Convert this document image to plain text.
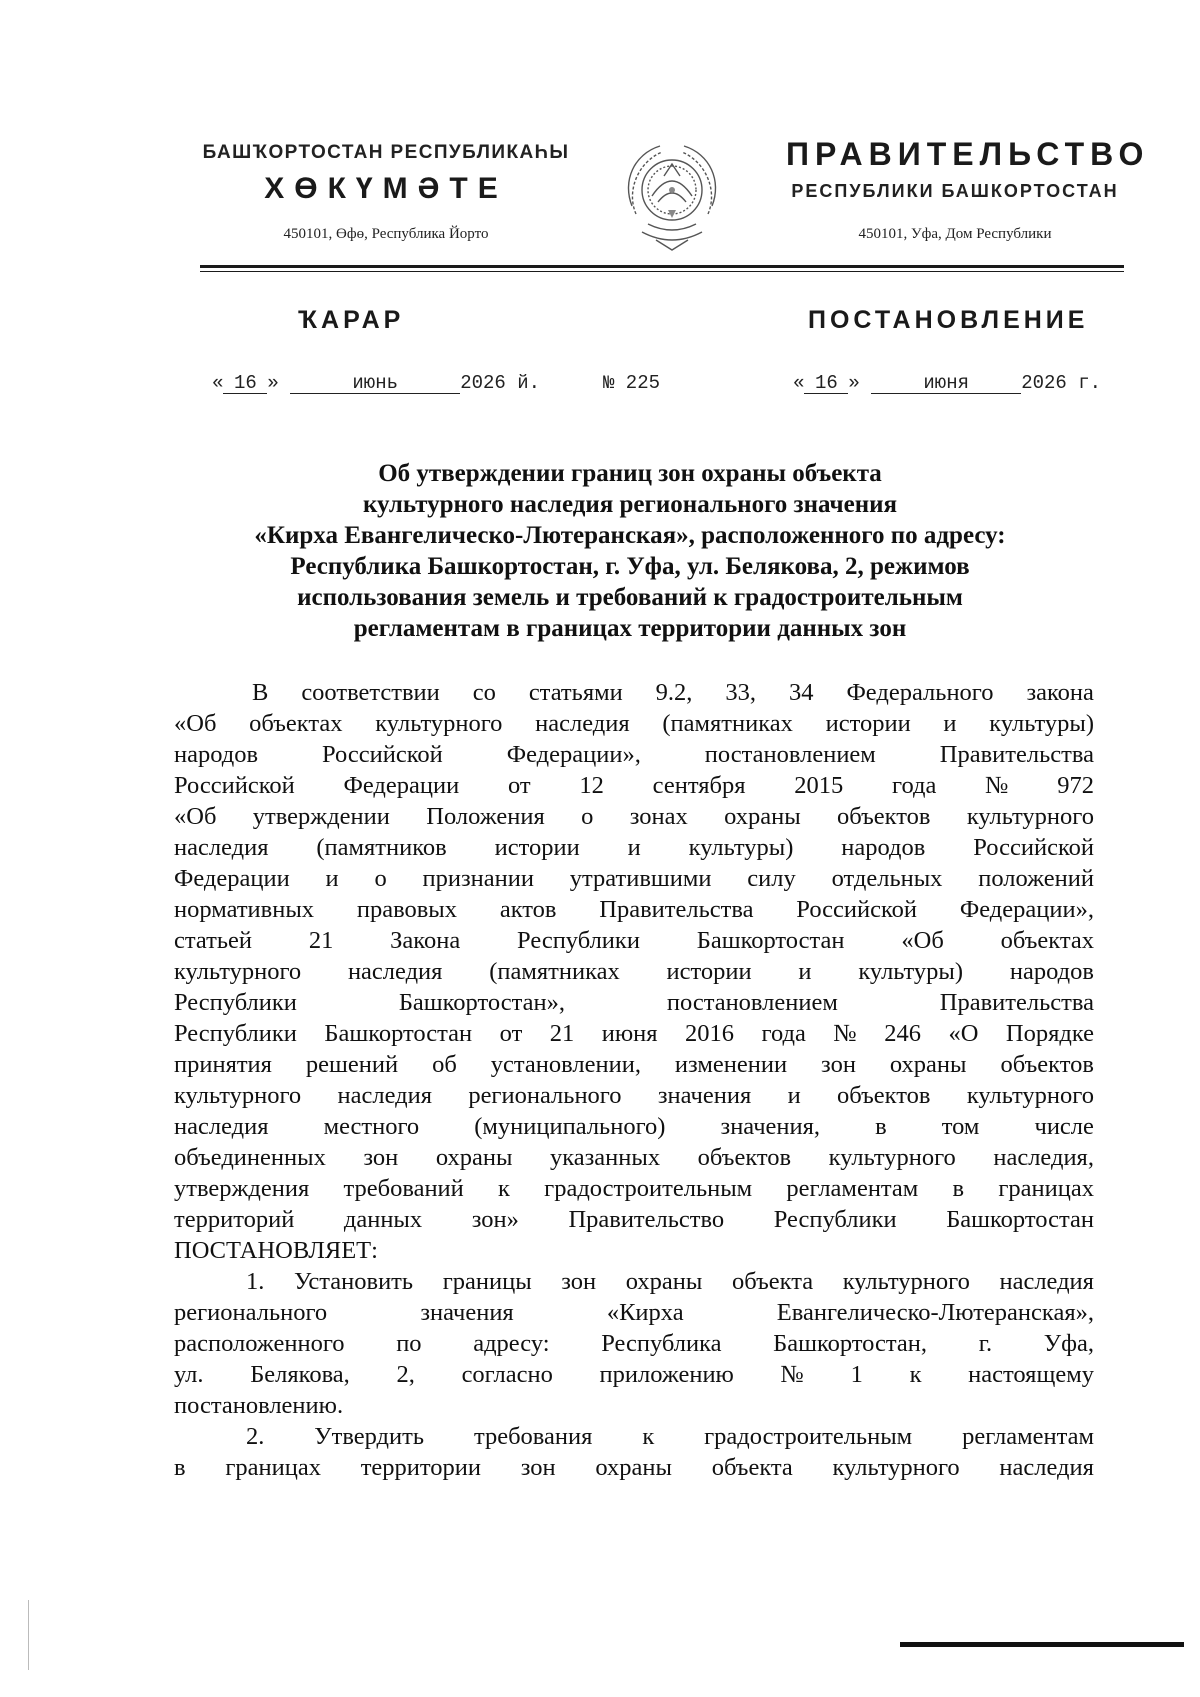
БАШҠОРТОСТАН РЕСПУБЛИКАҺЫ
ХӨКҮМӘТЕ
450101, Өфө, Республика Йорто
ПРАВИТЕЛЬСТВО
РЕСПУБЛИКИ БАШКОРТОСТАН
450101, Уфа, Дом Республики
ҠАРАР	ПОСТАНОВЛЕНИЕ
« 16 »	июнь	2026 й.	№ 225	« 16 »	июня	2026 г.
Об утверждении границ зон охраны объекта
культурного наследия регионального значения
«Кирха Евангелическо-Лютеранская», расположенного по адресу:
Республика Башкортостан, г. Уфа, ул. Белякова, 2, режимов
использования земель и требований к градостроительным
регламентам в границах территории данных зон
В соответствии со статьями 9.2, 33, 34 Федерального закона
«Об объектах культурного наследия (памятниках истории и культуры)
народов	Российской	Федерации»,	постановлением	Правительства
Российской Федерации от 12 сентября 2015 года № 972
«Об утверждении Положения о зонах охраны объектов культурного
наследия (памятников истории и культуры) народов Российской
Федерации и о признании утратившими силу отдельных положений
нормативных правовых актов Правительства Российской Федерации»,
статьей 21 Закона Республики Башкортостан «Об объектах
культурного наследия (памятниках истории и культуры) народов
Республики	Башкортостан»,	постановлением	Правительства
Республики Башкортостан от 21 июня 2016 года № 246 «О Порядке
принятия решений об установлении, изменении зон охраны объектов
культурного наследия регионального значения и объектов культурного
наследия местного (муниципального) значения, в том числе
объединенных зон охраны указанных объектов культурного наследия,
утверждения требований к градостроительным регламентам в границах
территорий данных зон» Правительство Республики Башкортостан
ПОСТАНОВЛЯЕТ:
1. Установить границы зон охраны объекта культурного наследия
регионального	значения	«Кирха	Евангелическо-Лютеранская»,
расположенного по адресу: Республика Башкортостан, г. Уфа,
ул. Белякова, 2, согласно приложению № 1 к настоящему
постановлению.
2. Утвердить требования к градостроительным регламентам
в границах территории зон охраны объекта культурного наследия
